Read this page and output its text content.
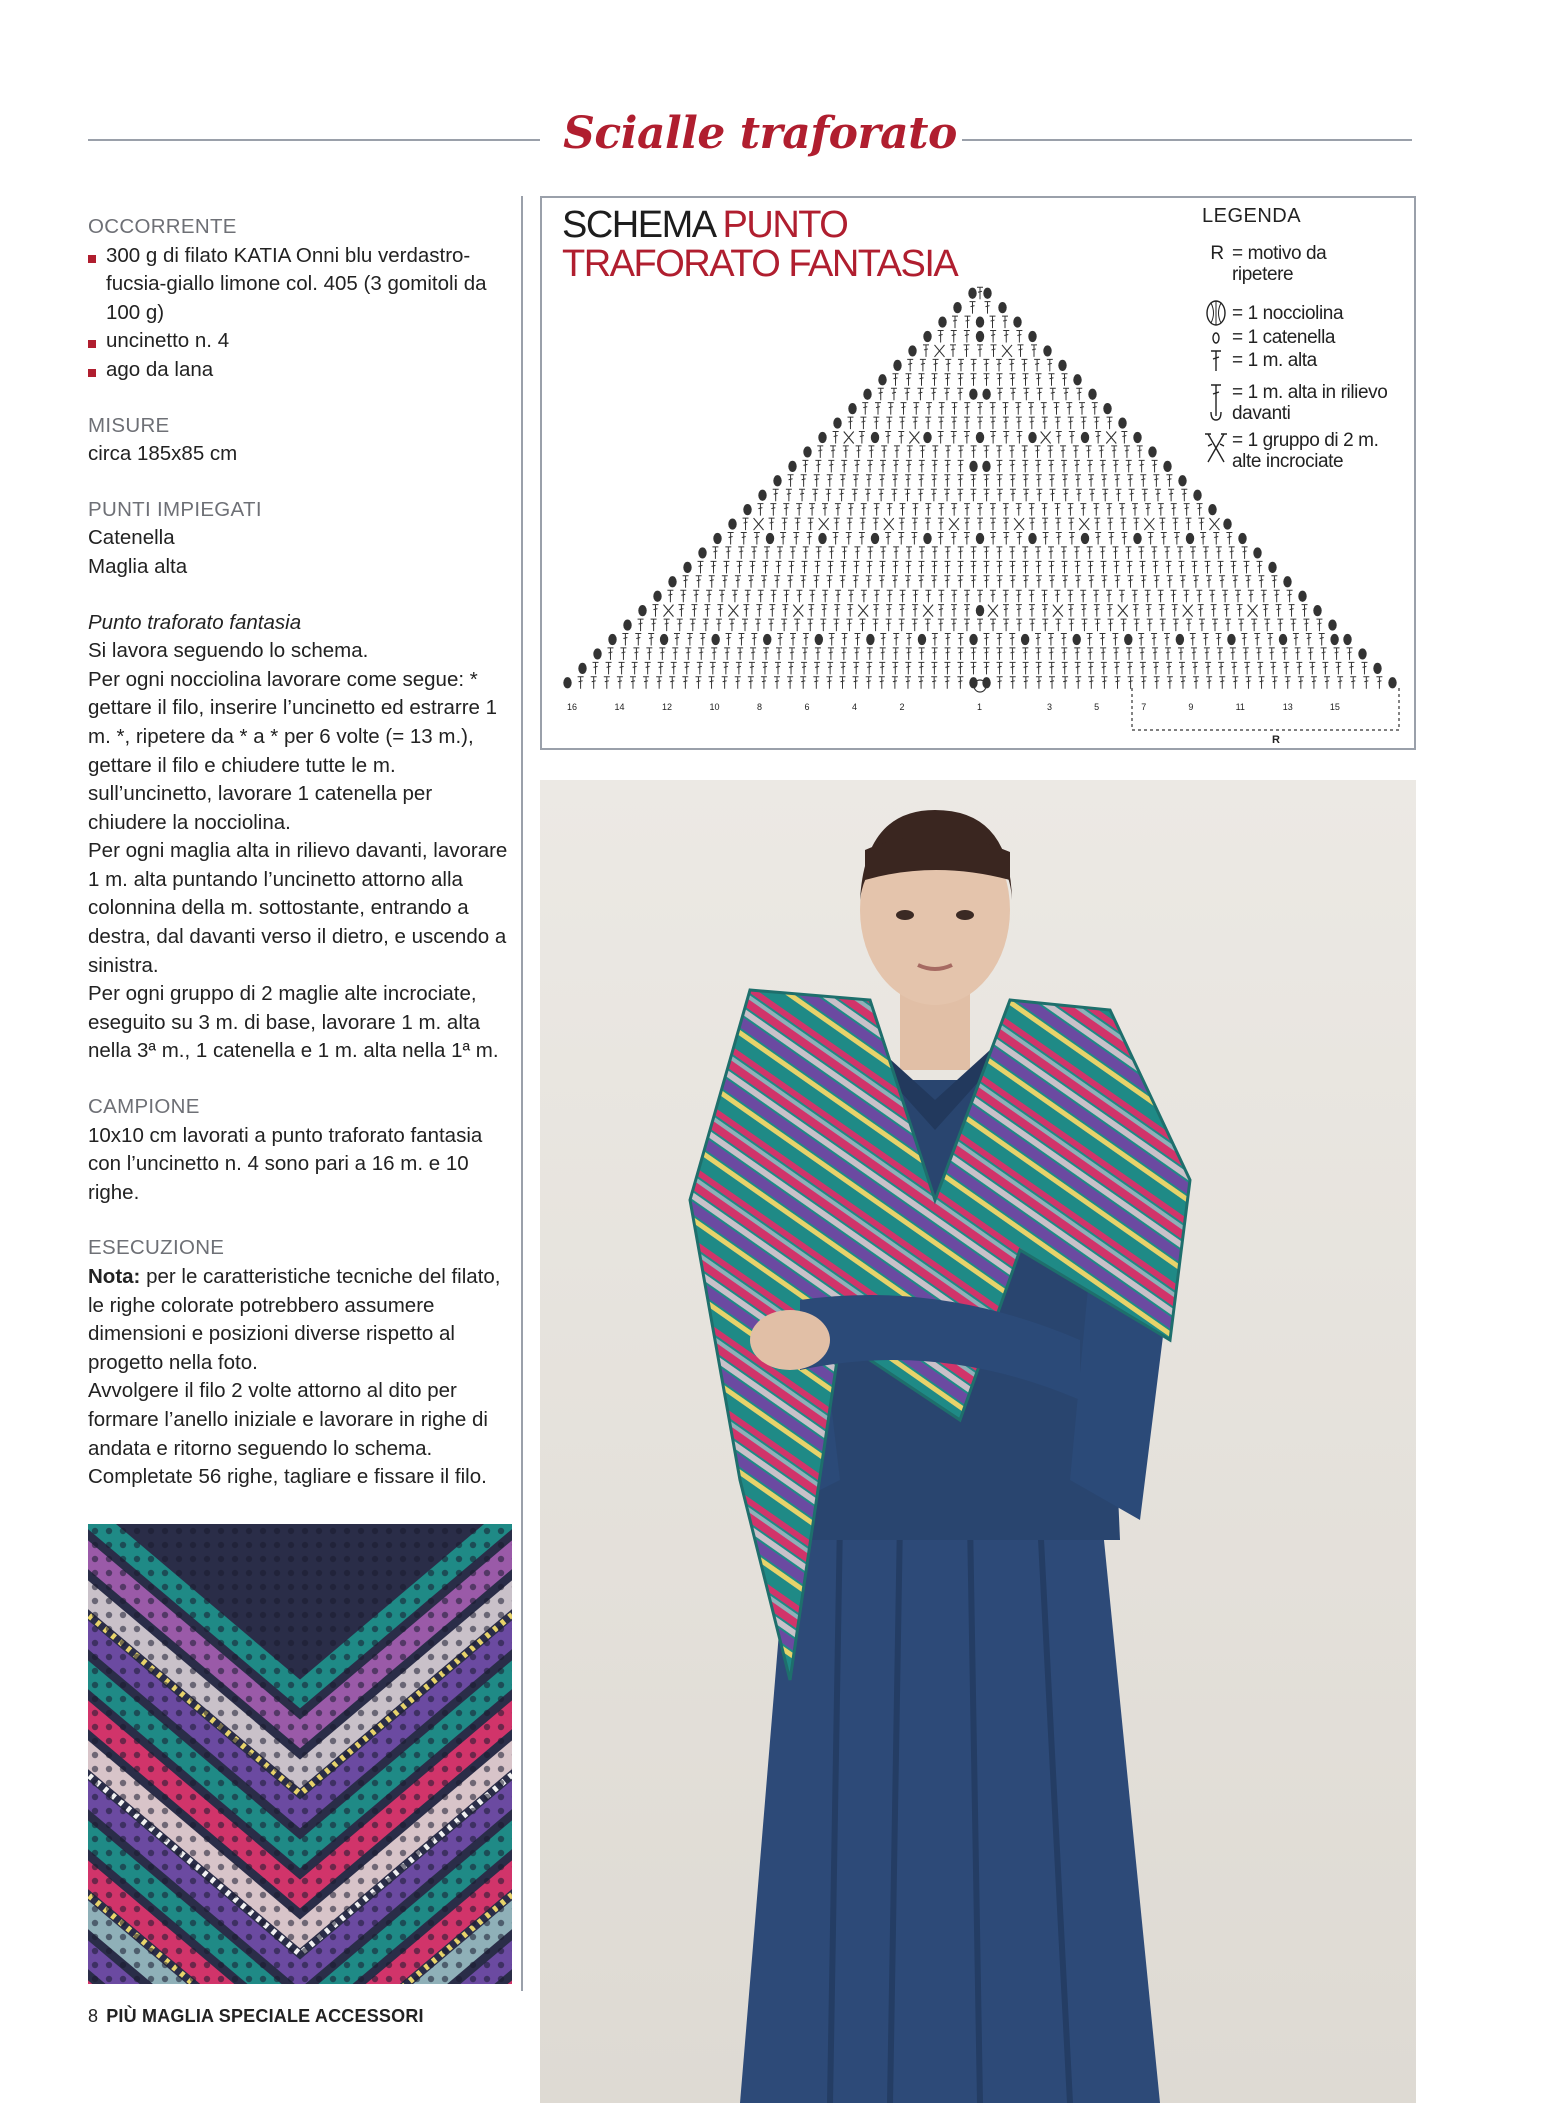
Scialle traforato
OCCORRENTE
300 g di filato KATIA Onni blu verdastro-fucsia-giallo limone col. 405 (3 gomitoli da 100 g)
uncinetto n. 4
ago da lana
MISURE
circa 185x85 cm
PUNTI IMPIEGATI
Catenella
Maglia alta
Punto traforato fantasia
Si lavora seguendo lo schema.
Per ogni nocciolina lavorare come segue: * gettare il filo, inserire l’uncinetto ed estrarre 1 m. *, ripetere da * a * per 6 volte (= 13 m.), gettare il filo e chiudere tutte le m. sull’uncinetto, lavorare 1 catenella per chiudere la nocciolina.
Per ogni maglia alta in rilievo davanti, lavorare 1 m. alta puntando l’uncinetto attorno alla colonnina della m. sottostante, entrando a destra, dal davanti verso il dietro, e uscendo a sinistra.
Per ogni gruppo di 2 maglie alte incrociate, eseguito su 3 m. di base, lavorare 1 m. alta nella 3ª m., 1 catenella e 1 m. alta nella 1ª m.
CAMPIONE
10x10 cm lavorati a punto traforato fantasia con l’uncinetto n. 4 sono pari a 16 m. e 10 righe.
ESECUZIONE
Nota: per le caratteristiche tecniche del filato, le righe colorate potrebbero assumere dimensioni e posizioni diverse rispetto al progetto nella foto.
Avvolgere il filo 2 volte attorno al dito per formare l’anello iniziale e lavorare in righe di andata e ritorno seguendo lo schema.
Completate 56 righe, tagliare e fissare il filo.
SCHEMA PUNTO
TRAFORATO FANTASIA
16	14	12	10	8	6	4	2	1	3	5	7	9	11	13	15
R
LEGENDA
R = motivo da ripetere
= 1 nocciolina
= 1 catenella
= 1 m. alta
= 1 m. alta in rilievo davanti
= 1 gruppo di 2 m. alte incrociate
8 PIÙ MAGLIA SPECIALE ACCESSORI
